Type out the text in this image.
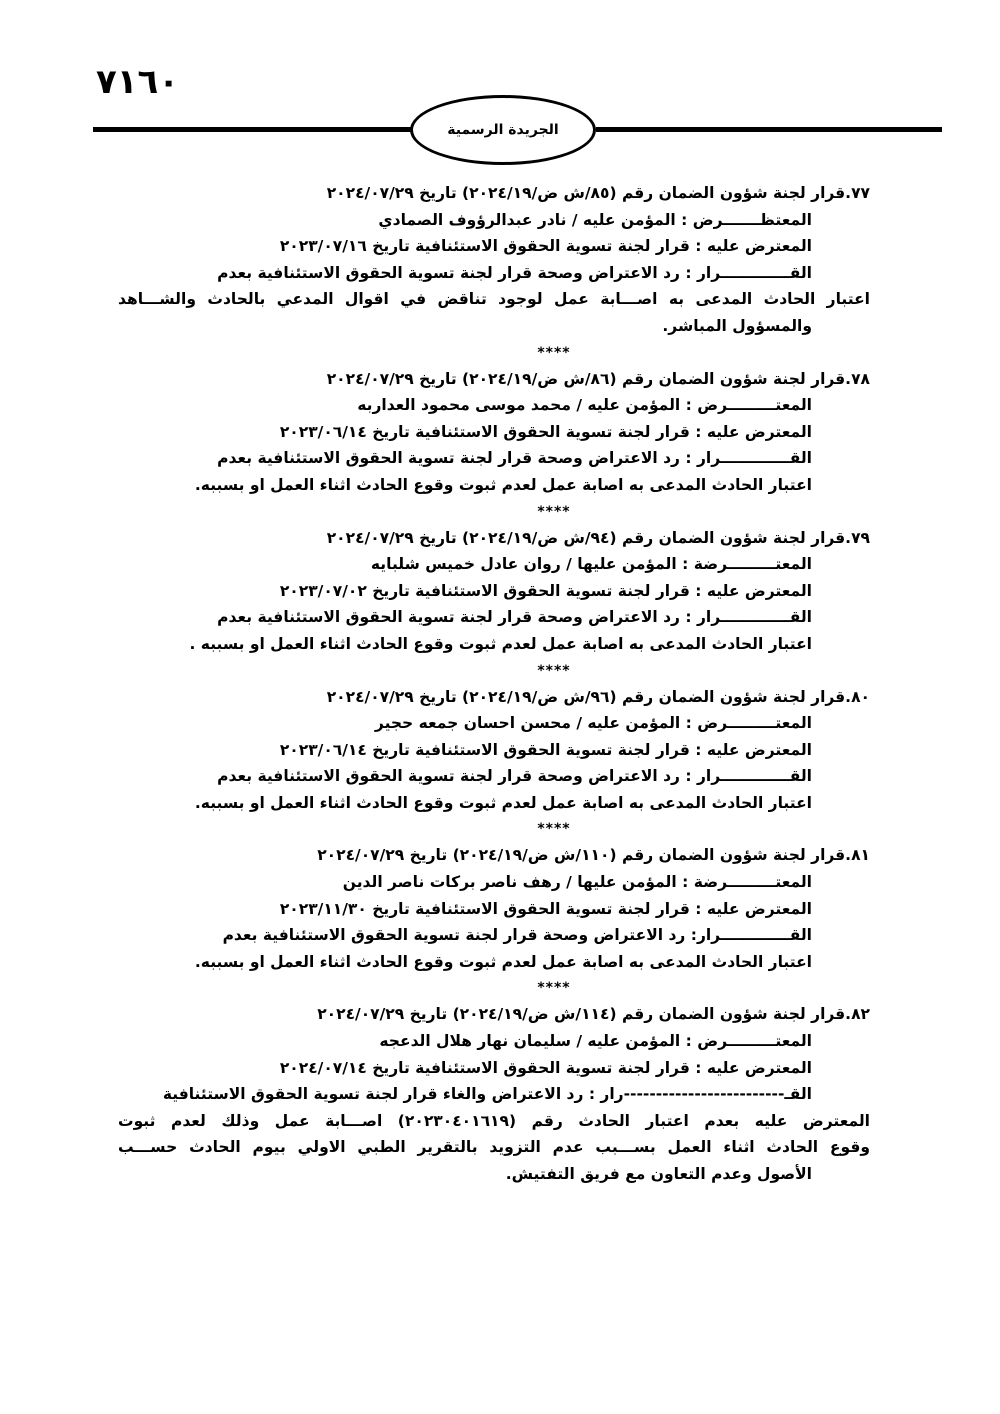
٧١٦٠
الجريدة الرسمية
٧٧.قرار لجنة شؤون الضمان رقم (٨٥/ش ض/٢٠٢٤/١٩) تاريخ ٢٠٢٤/٠٧/٢٩
المعتظـــــــرض : المؤمن عليه / نادر عبدالرؤوف الصمادي
المعترض عليه : قرار لجنة تسوية الحقوق الاستئنافية تاريخ ٢٠٢٣/٠٧/١٦
القـــــــــــــرار : رد الاعتراض وصحة قرار لجنة تسوية الحقوق الاستئنافية بعدم
اعتبار الحادث المدعى به اصـــابة عمل لوجود تناقض في اقوال المدعي بالحادث والشـــاهد
والمسؤول المباشر.
****
٧٨.قرار لجنة شؤون الضمان رقم (٨٦/ش ض/٢٠٢٤/١٩) تاريخ ٢٠٢٤/٠٧/٢٩
المعتـــــــــرض : المؤمن عليه / محمد موسى محمود العداربه
المعترض عليه : قرار لجنة تسوية الحقوق الاستئنافية تاريخ ٢٠٢٣/٠٦/١٤
القـــــــــــــرار : رد الاعتراض وصحة قرار لجنة تسوية الحقوق الاستئنافية بعدم
اعتبار الحادث المدعى به اصابة عمل لعدم ثبوت وقوع الحادث اثناء العمل او بسببه.
****
٧٩.قرار لجنة شؤون الضمان رقم (٩٤/ش ض/٢٠٢٤/١٩) تاريخ ٢٠٢٤/٠٧/٢٩
المعتـــــــــرضة : المؤمن عليها / روان عادل خميس شلبايه
المعترض عليه : قرار لجنة تسوية الحقوق الاستئنافية تاريخ ٢٠٢٣/٠٧/٠٢
القـــــــــــــرار : رد الاعتراض وصحة قرار لجنة تسوية الحقوق الاستئنافية بعدم
اعتبار الحادث المدعى به اصابة عمل لعدم ثبوت وقوع الحادث اثناء العمل او بسببه .
****
٨٠.قرار لجنة شؤون الضمان رقم (٩٦/ش ض/٢٠٢٤/١٩) تاريخ ٢٠٢٤/٠٧/٢٩
المعتـــــــــرض : المؤمن عليه / محسن احسان جمعه حجير
المعترض عليه : قرار لجنة تسوية الحقوق الاستئنافية تاريخ ٢٠٢٣/٠٦/١٤
القـــــــــــــرار : رد الاعتراض وصحة قرار لجنة تسوية الحقوق الاستئنافية بعدم
اعتبار الحادث المدعى به اصابة عمل لعدم ثبوت وقوع الحادث اثناء العمل او بسببه.
****
٨١.قرار لجنة شؤون الضمان رقم (١١٠/ش ض/٢٠٢٤/١٩) تاريخ ٢٠٢٤/٠٧/٢٩
المعتـــــــــرضة : المؤمن عليها / رهف ناصر بركات ناصر الدين
المعترض عليه : قرار لجنة تسوية الحقوق الاستئنافية تاريخ ٢٠٢٣/١١/٣٠
القـــــــــــــرار: رد الاعتراض وصحة قرار لجنة تسوية الحقوق الاستئنافية بعدم
اعتبار الحادث المدعى به اصابة عمل لعدم ثبوت وقوع الحادث اثناء العمل او بسببه.
****
٨٢.قرار لجنة شؤون الضمان رقم (١١٤/ش ض/٢٠٢٤/١٩) تاريخ ٢٠٢٤/٠٧/٢٩
المعتـــــــــرض : المؤمن عليه / سليمان نهار هلال الدعجه
المعترض عليه : قرار لجنة تسوية الحقوق الاستئنافية تاريخ ٢٠٢٤/٠٧/١٤
القـ-------------------------رار : رد الاعتراض والغاء قرار لجنة تسوية الحقوق الاستئنافية
المعترض عليه بعدم اعتبار الحادث رقم (٢٠٢٣٠٤٠١٦١٩) اصـــابة عمل وذلك لعدم ثبوت
وقوع الحادث اثناء العمل بســـبب عدم التزويد بالتقرير الطبي الاولي بيوم الحادث حســـب
الأصول وعدم التعاون مع فريق التفتيش.
